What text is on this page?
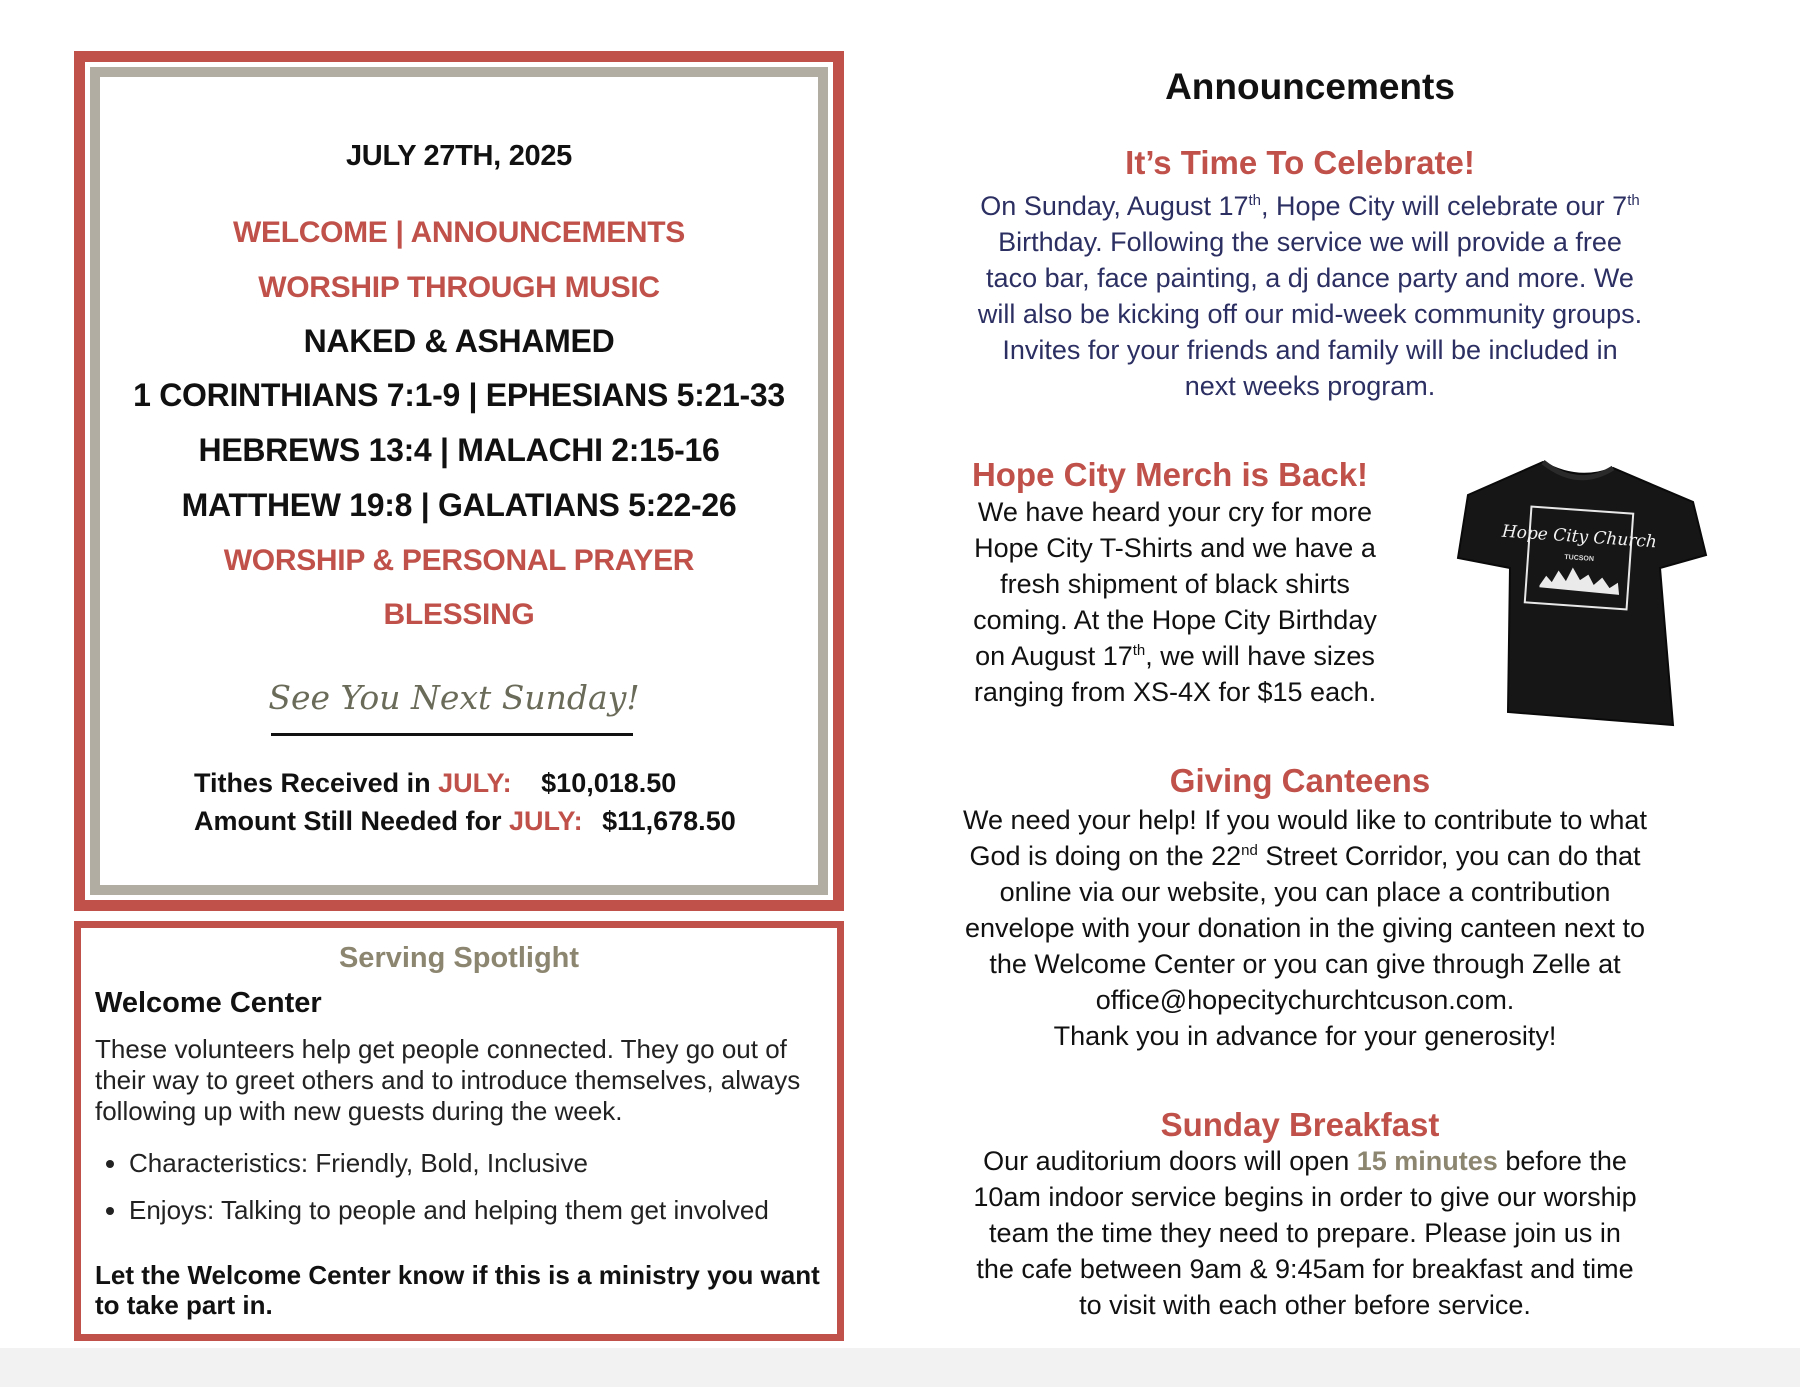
JULY 27TH, 2025
WELCOME | ANNOUNCEMENTS
WORSHIP THROUGH MUSIC
NAKED & ASHAMED
1 CORINTHIANS 7:1-9 | EPHESIANS 5:21-33
HEBREWS 13:4 | MALACHI 2:15-16
MATTHEW 19:8 | GALATIANS 5:22-26
WORSHIP & PERSONAL PRAYER
BLESSING
See You Next Sunday!
Tithes Received in JULY: $10,018.50
Amount Still Needed for JULY: $11,678.50
Serving Spotlight
Welcome Center
These volunteers help get people connected. They go out of their way to greet others and to introduce themselves, always following up with new guests during the week.
• Characteristics: Friendly, Bold, Inclusive
• Enjoys: Talking to people and helping them get involved
Let the Welcome Center know if this is a ministry you want to take part in.
Announcements
It’s Time To Celebrate!
On Sunday, August 17th, Hope City will celebrate our 7th Birthday. Following the service we will provide a free taco bar, face painting, a dj dance party and more. We will also be kicking off our mid-week community groups.
Invites for your friends and family will be included in next weeks program.
Hope City Merch is Back!
We have heard your cry for more Hope City T-Shirts and we have a fresh shipment of black shirts coming. At the Hope City Birthday on August 17th, we will have sizes ranging from XS-4X for $15 each.
Giving Canteens
We need your help! If you would like to contribute to what God is doing on the 22nd Street Corridor, you can do that online via our website, you can place a contribution envelope with your donation in the giving canteen next to the Welcome Center or you can give through Zelle at office@hopecitychurchtcuson.com.
Thank you in advance for your generosity!
Sunday Breakfast
Our auditorium doors will open 15 minutes before the 10am indoor service begins in order to give our worship team the time they need to prepare. Please join us in the cafe between 9am & 9:45am for breakfast and time to visit with each other before service.
Hope City Church
TUCSON
